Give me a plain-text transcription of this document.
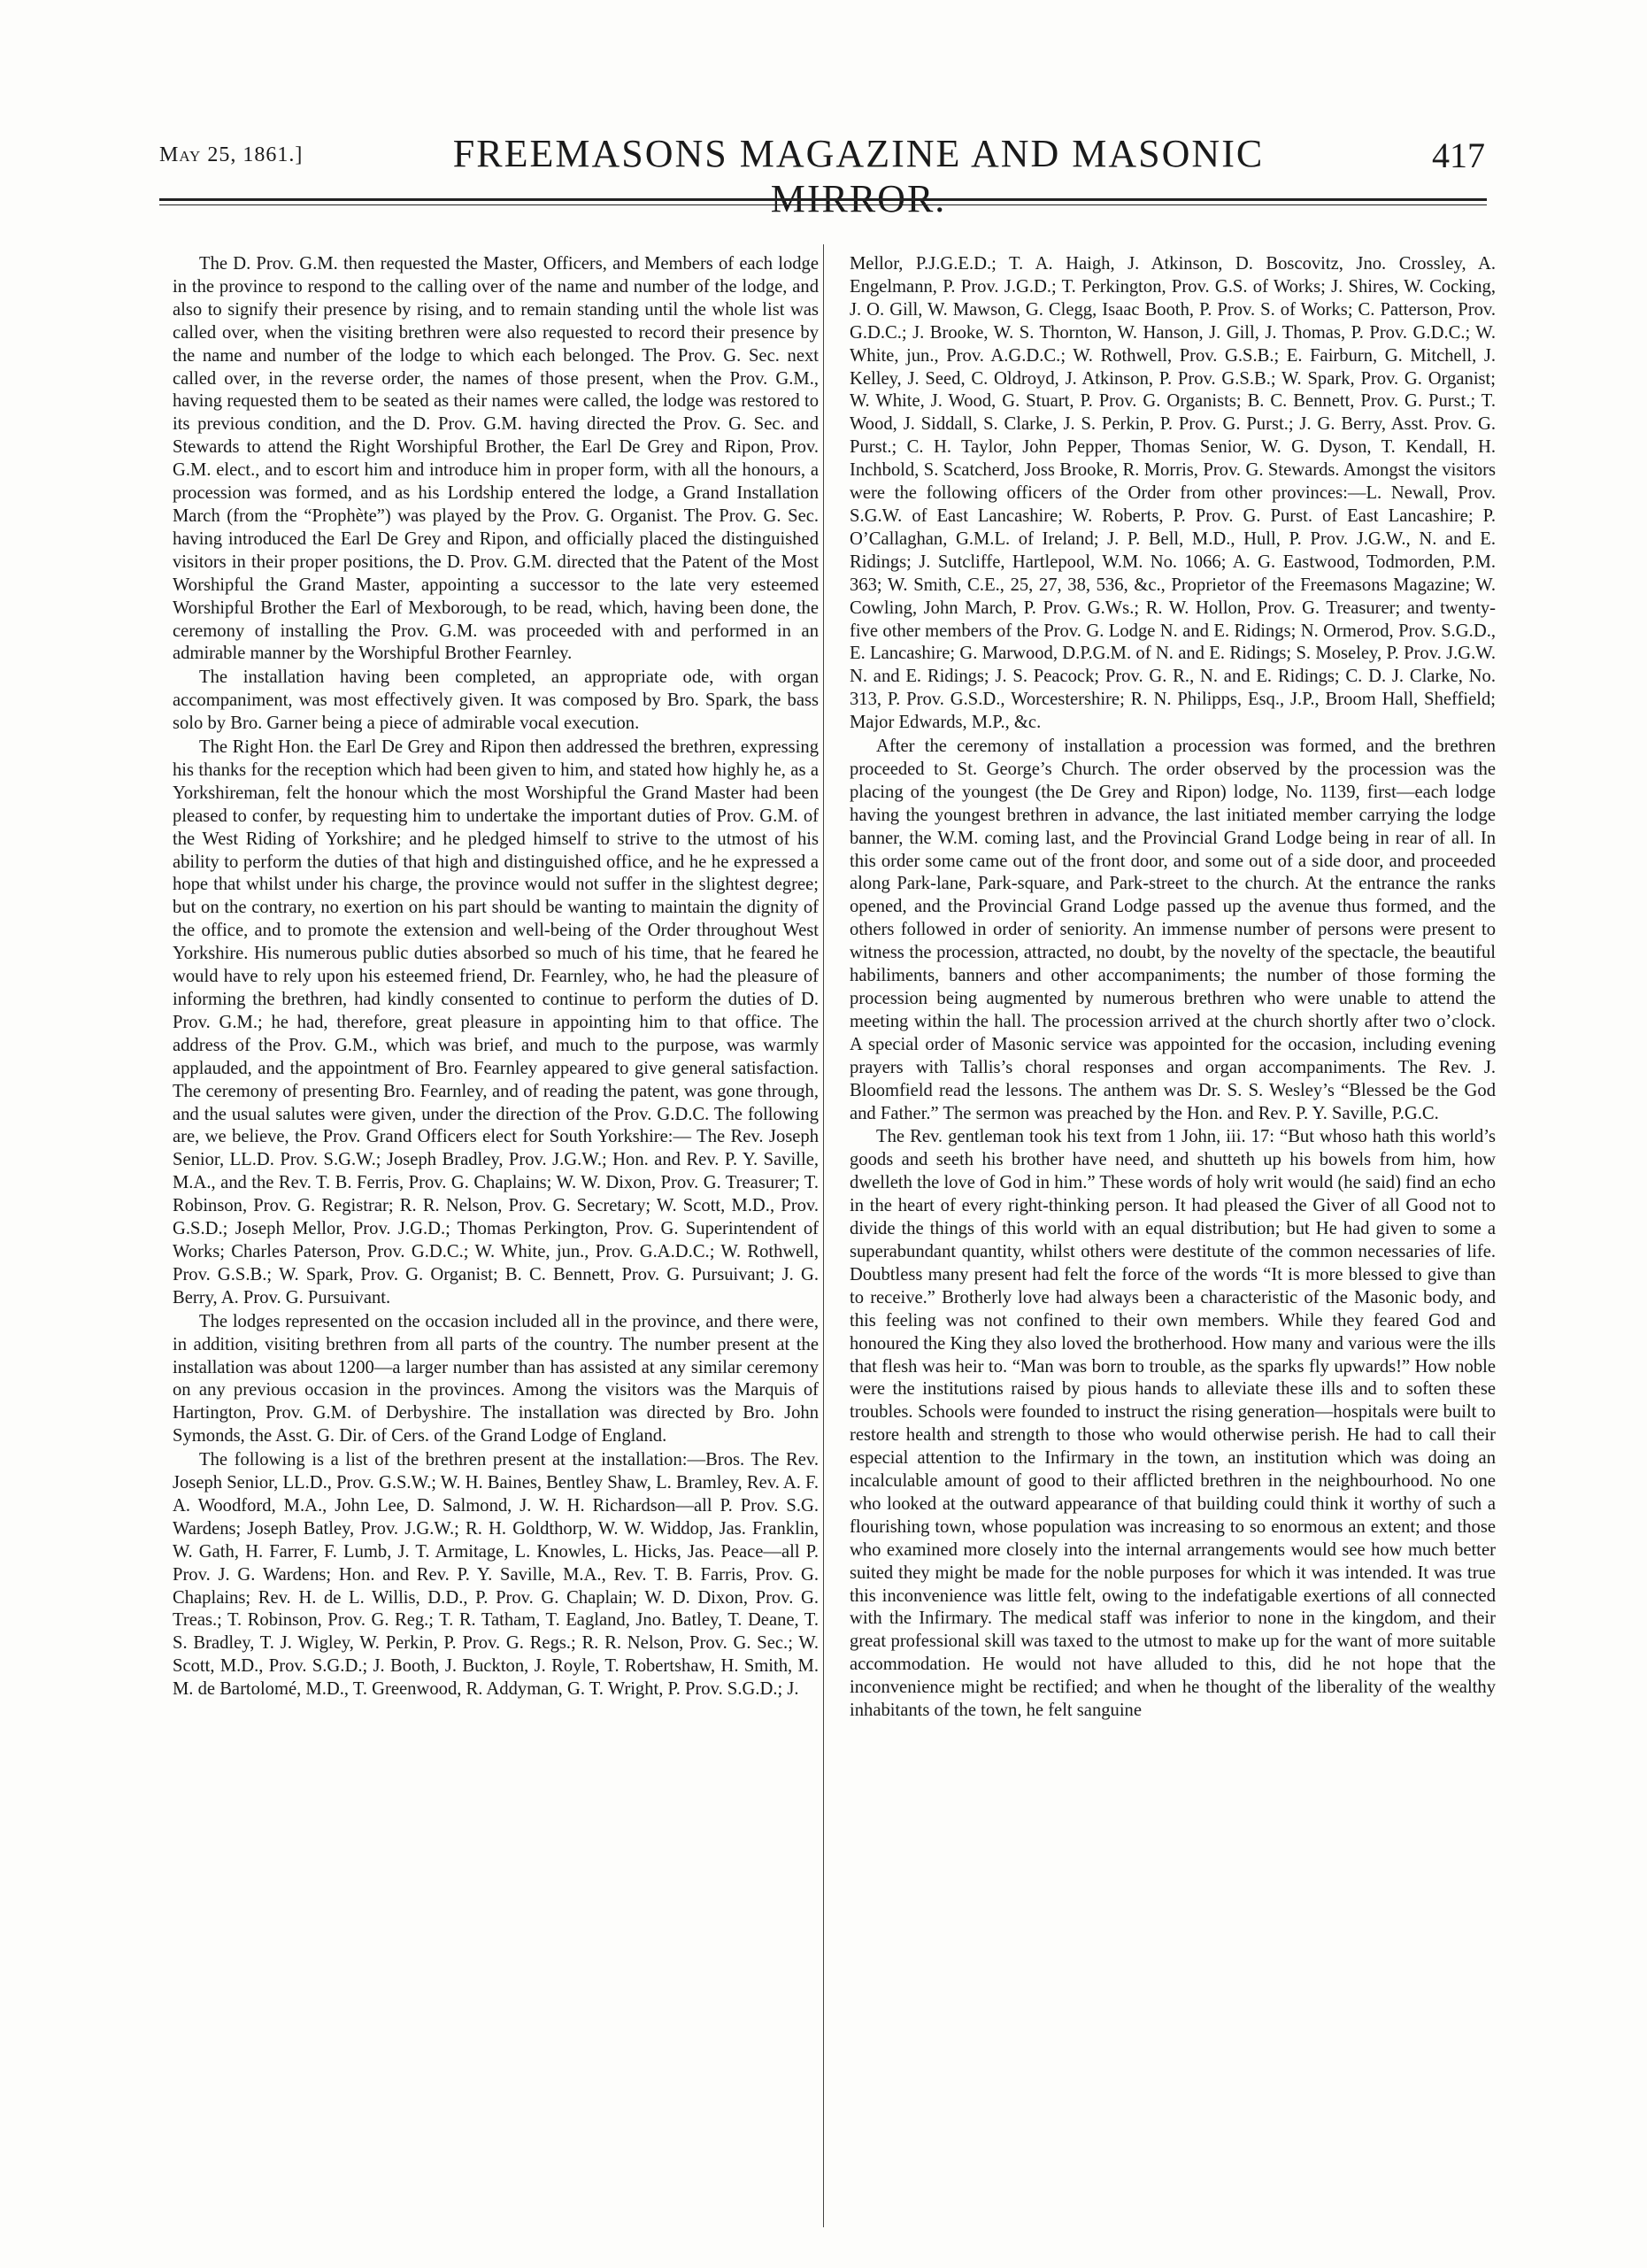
May 25, 1861.]	FREEMASONS MAGAZINE AND MASONIC	417

The D. Prov. G.M. then requested the Master, Officers, and Members of each lodge in the province to respond to the calling over of the name and number of the lodge, and also to signify their presence by rising, and to remain standing until the whole list was called over, when the visiting brethren were also requested to record their presence by the name and number of the lodge to which each belonged. The Prov. G. Sec. next called over, in the reverse order, the names of those present, when the Prov. G.M., having requested them to be seated as their names were called, the lodge was restored to its previous condition, and the D. Prov. G.M. having directed the Prov. G. Sec. and Stewards to attend the Right Worshipful Brother, the Earl De Grey and Ripon, Prov. G.M. elect., and to escort him and introduce him in proper form, with all the honours, a procession was formed, and as his Lordship entered the lodge, a Grand Installation March (from the “Prophète”) was played by the Prov. G. Organist. The Prov. G. Sec. having introduced the Earl De Grey and Ripon, and officially placed the distinguished visitors in their proper positions, the D. Prov. G.M. directed that the Patent of the Most Worshipful the Grand Master, appointing a successor to the late very esteemed Worshipful Brother the Earl of Mexborough, to be read, which, having been done, the ceremony of installing the Prov. G.M. was proceeded with and performed in an admirable manner by the Worshipful Brother Fearnley.

The installation having been completed, an appropriate ode, with organ accompaniment, was most effectively given. It was composed by Bro. Spark, the bass solo by Bro. Garner being a piece of admirable vocal execution.

The Right Hon. the Earl De Grey and Ripon then addressed the brethren, expressing his thanks for the reception which had been given to him, and stated how highly he, as a Yorkshireman, felt the honour which the most Worshipful the Grand Master had been pleased to confer, by requesting him to undertake the important duties of Prov. G.M. of the West Riding of Yorkshire; and he pledged himself to strive to the utmost of his ability to perform the duties of that high and distinguished office, and he he expressed a hope that whilst under his charge, the province would not suffer in the slightest degree; but on the contrary, no exertion on his part should be wanting to maintain the dignity of the office, and to promote the extension and well-being of the Order throughout West Yorkshire. His numerous public duties absorbed so much of his time, that he feared he would have to rely upon his esteemed friend, Dr. Fearnley, who, he had the pleasure of informing the brethren, had kindly consented to continue to perform the duties of D. Prov. G.M.; he had, therefore, great pleasure in appointing him to that office. The address of the Prov. G.M., which was brief, and much to the purpose, was warmly applauded, and the appointment of Bro. Fearnley appeared to give general satisfaction. The ceremony of presenting Bro. Fearnley, and of reading the patent, was gone through, and the usual salutes were given, under the direction of the Prov. G.D.C. The following are, we believe, the Prov. Grand Officers elect for South Yorkshire:— The Rev. Joseph Senior, LL.D. Prov. S.G.W.; Joseph Bradley, Prov. J.G.W.; Hon. and Rev. P. Y. Saville, M.A., and the Rev. T. B. Ferris, Prov. G. Chaplains; W. W. Dixon, Prov. G. Treasurer; T. Robinson, Prov. G. Registrar; R. R. Nelson, Prov. G. Secretary; W. Scott, M.D., Prov. G.S.D.; Joseph Mellor, Prov. J.G.D.; Thomas Perkington, Prov. G. Superintendent of Works; Charles Paterson, Prov. G.D.C.; W. White, jun., Prov. G.A.D.C.; W. Rothwell, Prov. G.S.B.; W. Spark, Prov. G. Organist; B. C. Bennett, Prov. G. Pursuivant; J. G. Berry, A. Prov. G. Pursuivant.

The lodges represented on the occasion included all in the province, and there were, in addition, visiting brethren from all parts of the country. The number present at the installation was about 1200—a larger number than has assisted at any similar ceremony on any previous occasion in the provinces. Among the visitors was the Marquis of Hartington, Prov. G.M. of Derbyshire. The installation was directed by Bro. John Symonds, the Asst. G. Dir. of Cers. of the Grand Lodge of England.

The following is a list of the brethren present at the installation:—Bros. The Rev. Joseph Senior, LL.D., Prov. G.S.W.; W. H. Baines, Bentley Shaw, L. Bramley, Rev. A. F. A. Woodford, M.A., John Lee, D. Salmond, J. W. H. Richardson—all P. Prov. S.G. Wardens; Joseph Batley, Prov. J.G.W.; R. H. Goldthorp, W. W. Widdop, Jas. Franklin, W. Gath, H. Farrer, F. Lumb, J. T. Armitage, L. Knowles, L. Hicks, Jas. Peace—all P. Prov. J. G. Wardens; Hon. and Rev. P. Y. Saville, M.A., Rev. T. B. Farris, Prov. G. Chaplains; Rev. H. de L. Willis, D.D., P. Prov. G. Chaplain; W. D. Dixon, Prov. G. Treas.; T. Robinson, Prov. G. Reg.; T. R. Tatham, T. Eagland, Jno. Batley, T. Deane, T. S. Bradley, T. J. Wigley, W. Perkin, P. Prov. G. Regs.; R. R. Nelson, Prov. G. Sec.; W. Scott, M.D., Prov. S.G.D.; J. Booth, J. Buckton, J. Royle, T. Robertshaw, H. Smith, M. M. de Bartolomé, M.D., T. Greenwood, R. Addyman, G. T. Wright, P. Prov. S.G.D.; J.

Mellor, P.J.G.E.D.; T. A. Haigh, J. Atkinson, D. Boscovitz, Jno. Crossley, A. Engelmann, P. Prov. J.G.D.; T. Perkington, Prov. G.S. of Works; J. Shires, W. Cocking, J. O. Gill, W. Mawson, G. Clegg, Isaac Booth, P. Prov. S. of Works; C. Patterson, Prov. G.D.C.; J. Brooke, W. S. Thornton, W. Hanson, J. Gill, J. Thomas, P. Prov. G.D.C.; W. White, jun., Prov. A.G.D.C.; W. Rothwell, Prov. G.S.B.; E. Fairburn, G. Mitchell, J. Kelley, J. Seed, C. Oldroyd, J. Atkinson, P. Prov. G.S.B.; W. Spark, Prov. G. Organist; W. White, J. Wood, G. Stuart, P. Prov. G. Organists; B. C. Bennett, Prov. G. Purst.; T. Wood, J. Siddall, S. Clarke, J. S. Perkin, P. Prov. G. Purst.; J. G. Berry, Asst. Prov. G. Purst.; C. H. Taylor, John Pepper, Thomas Senior, W. G. Dyson, T. Kendall, H. Inchbold, S. Scatcherd, Joss Brooke, R. Morris, Prov. G. Stewards. Amongst the visitors were the following officers of the Order from other provinces:—L. Newall, Prov. S.G.W. of East Lancashire; W. Roberts, P. Prov. G. Purst. of East Lancashire; P. O’Callaghan, G.M.L. of Ireland; J. P. Bell, M.D., Hull, P. Prov. J.G.W., N. and E. Ridings; J. Sutcliffe, Hartlepool, W.M. No. 1066; A. G. Eastwood, Todmorden, P.M. 363; W. Smith, C.E., 25, 27, 38, 536, &c., Proprietor of the Freemasons Magazine; W. Cowling, John March, P. Prov. G.Ws.; R. W. Hollon, Prov. G. Treasurer; and twenty-five other members of the Prov. G. Lodge N. and E. Ridings; N. Ormerod, Prov. S.G.D., E. Lancashire; G. Marwood, D.P.G.M. of N. and E. Ridings; S. Moseley, P. Prov. J.G.W. N. and E. Ridings; J. S. Peacock; Prov. G. R., N. and E. Ridings; C. D. J. Clarke, No. 313, P. Prov. G.S.D., Worcestershire; R. N. Philipps, Esq., J.P., Broom Hall, Sheffield; Major Edwards, M.P., &c.

After the ceremony of installation a procession was formed, and the brethren proceeded to St. George’s Church. The order observed by the procession was the placing of the youngest (the De Grey and Ripon) lodge, No. 1139, first—each lodge having the youngest brethren in advance, the last initiated member carrying the lodge banner, the W.M. coming last, and the Provincial Grand Lodge being in rear of all. In this order some came out of the front door, and some out of a side door, and proceeded along Park-lane, Park-square, and Park-street to the church. At the entrance the ranks opened, and the Provincial Grand Lodge passed up the avenue thus formed, and the others followed in order of seniority. An immense number of persons were present to witness the procession, attracted, no doubt, by the novelty of the spectacle, the beautiful habiliments, banners and other accompaniments; the number of those forming the procession being augmented by numerous brethren who were unable to attend the meeting within the hall. The procession arrived at the church shortly after two o’clock. A special order of Masonic service was appointed for the occasion, including evening prayers with Tallis’s choral responses and organ accompaniments. The Rev. J. Bloomfield read the lessons. The anthem was Dr. S. S. Wesley’s “Blessed be the God and Father.” The sermon was preached by the Hon. and Rev. P. Y. Saville, P.G.C.

The Rev. gentleman took his text from 1 John, iii. 17: “But whoso hath this world’s goods and seeth his brother have need, and shutteth up his bowels from him, how dwelleth the love of God in him.” These words of holy writ would (he said) find an echo in the heart of every right-thinking person. It had pleased the Giver of all Good not to divide the things of this world with an equal distribution; but He had given to some a superabundant quantity, whilst others were destitute of the common necessaries of life. Doubtless many present had felt the force of the words “It is more blessed to give than to receive.” Brotherly love had always been a characteristic of the Masonic body, and this feeling was not confined to their own members. While they feared God and honoured the King they also loved the brotherhood. How many and various were the ills that flesh was heir to. “Man was born to trouble, as the sparks fly upwards!” How noble were the institutions raised by pious hands to alleviate these ills and to soften these troubles. Schools were founded to instruct the rising generation—hospitals were built to restore health and strength to those who would otherwise perish. He had to call their especial attention to the Infirmary in the town, an institution which was doing an incalculable amount of good to their afflicted brethren in the neighbourhood. No one who looked at the outward appearance of that building could think it worthy of such a flourishing town, whose population was increasing to so enormous an extent; and those who examined more closely into the internal arrangements would see how much better suited they might be made for the noble purposes for which it was intended. It was true this inconvenience was little felt, owing to the indefatigable exertions of all connected with the Infirmary. The medical staff was inferior to none in the kingdom, and their great professional skill was taxed to the utmost to make up for the want of more suitable accommodation. He would not have alluded to this, did he not hope that the inconvenience might be rectified; and when he thought of the liberality of the wealthy inhabitants of the town, he felt sanguine
